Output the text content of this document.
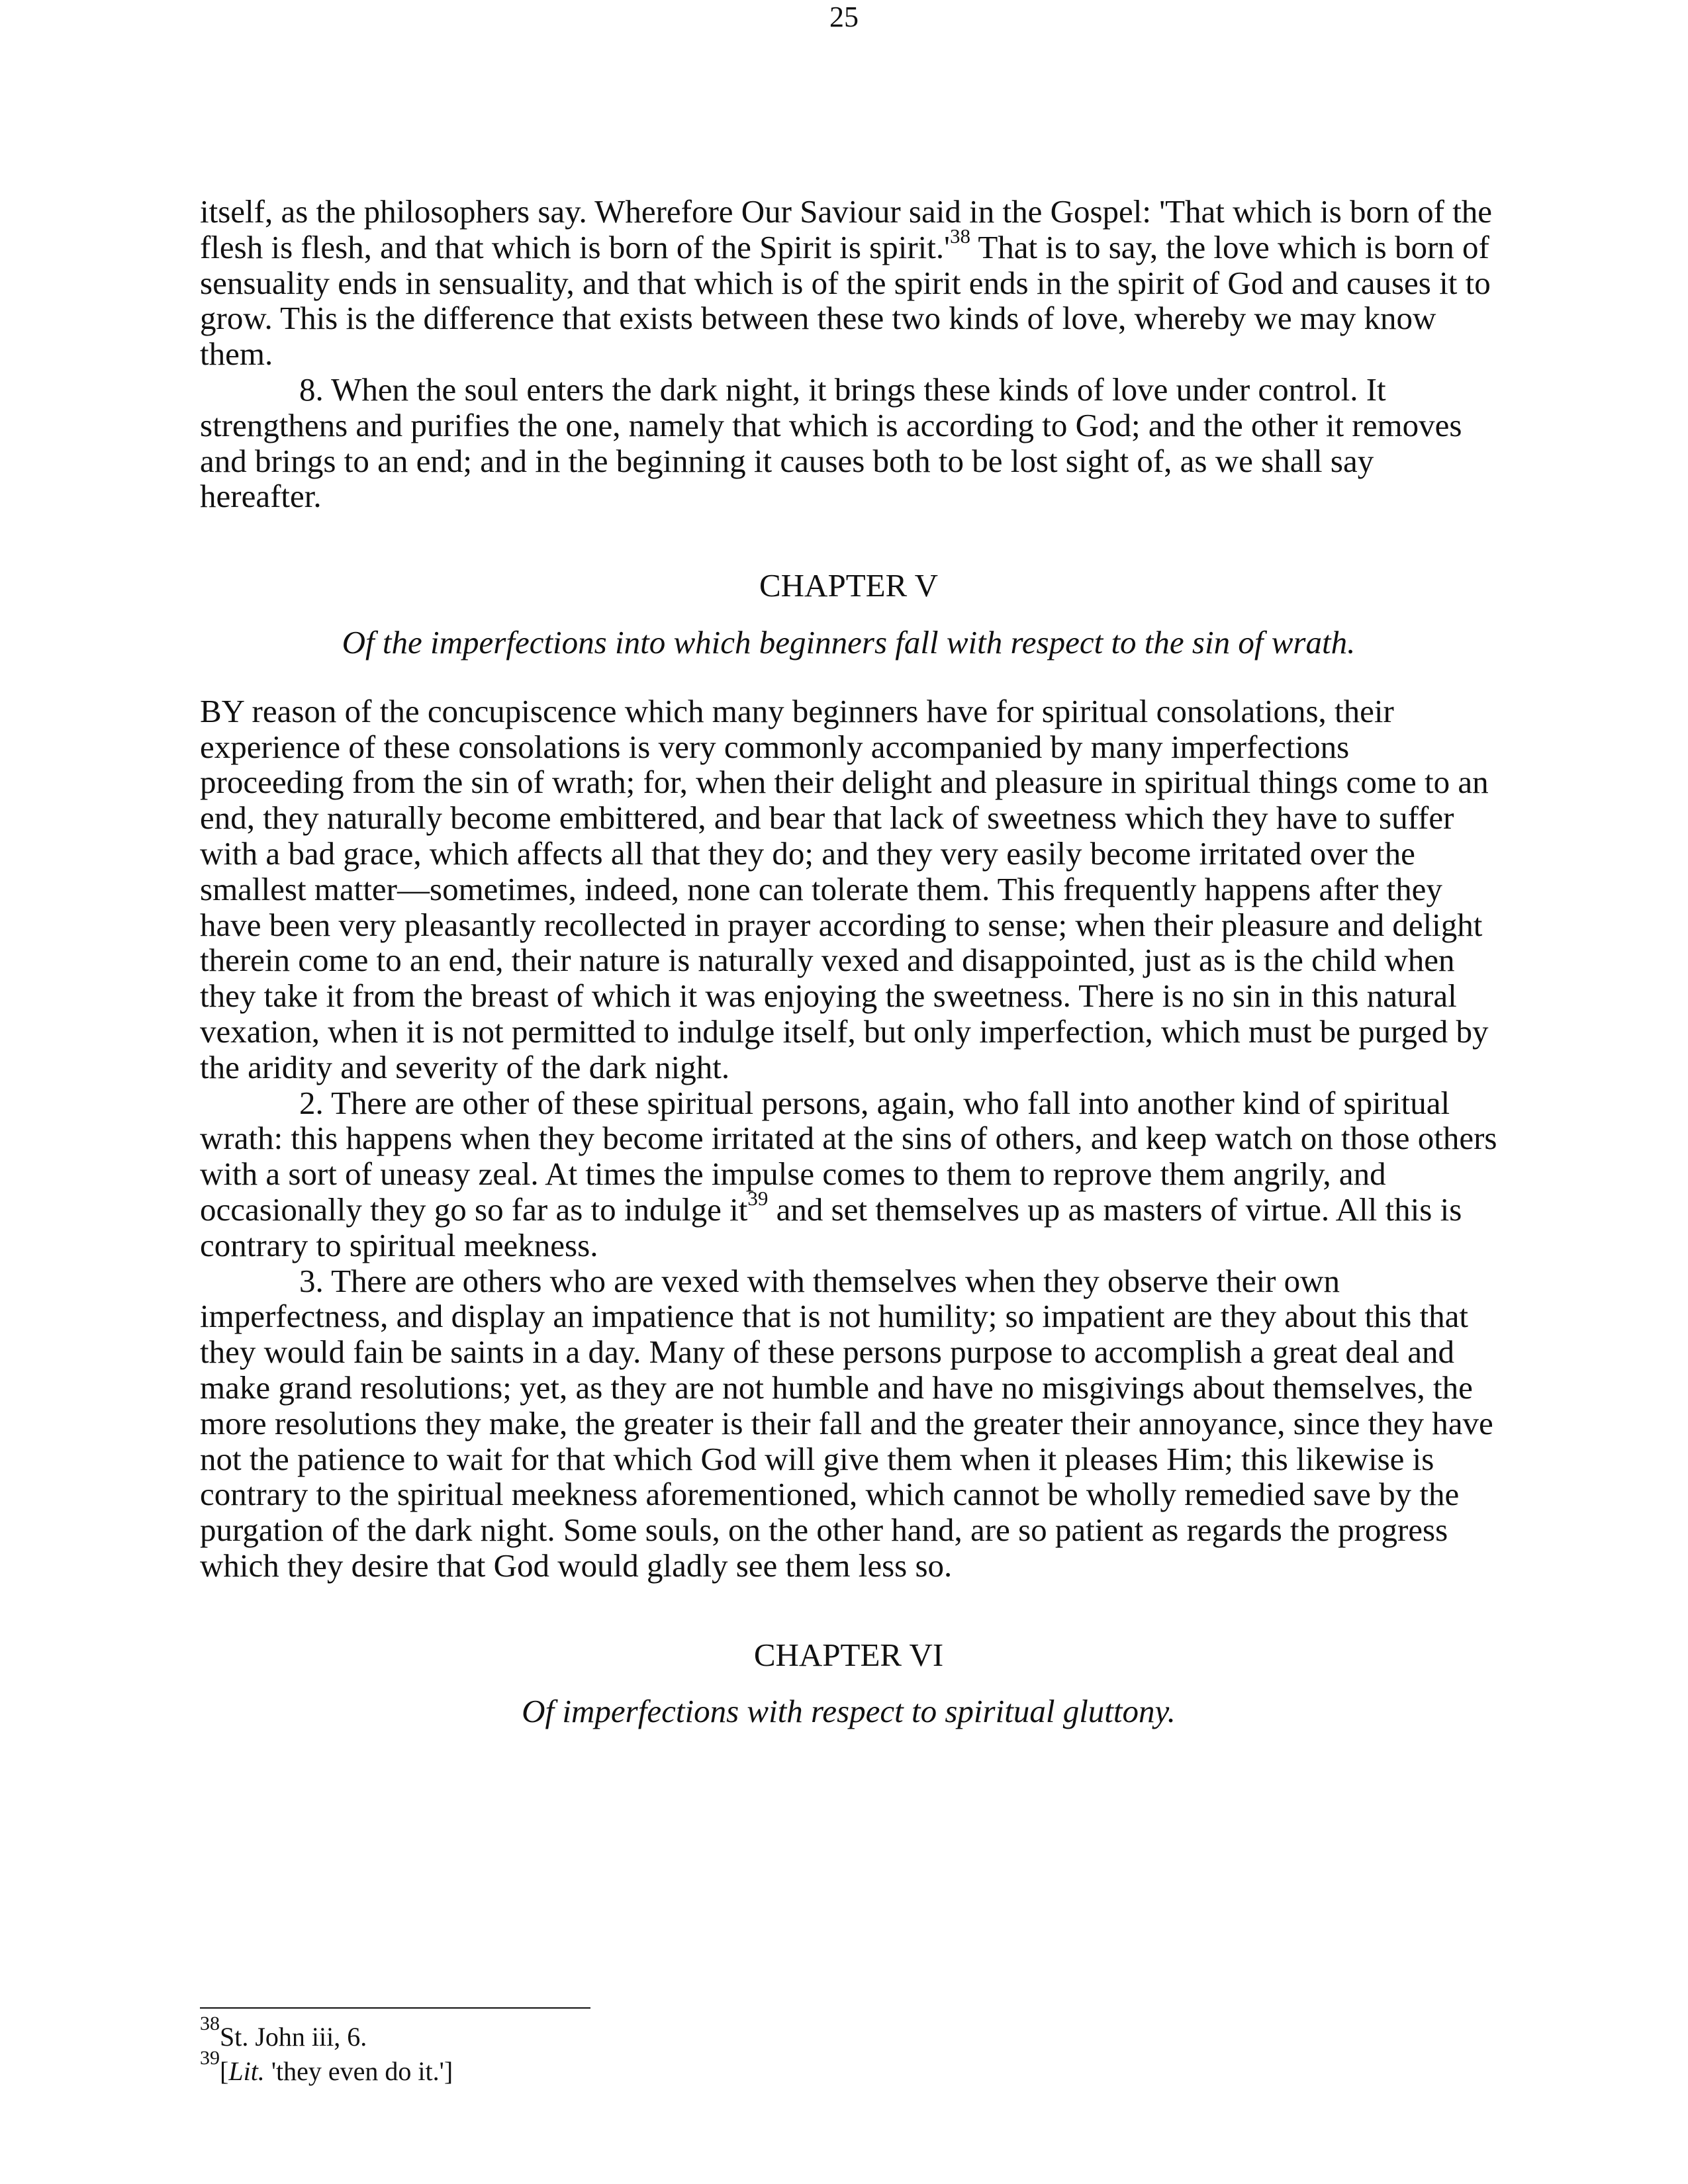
25

itself, as the philosophers say. Wherefore Our Saviour said in the Gospel: 'That which is born of the flesh is flesh, and that which is born of the Spirit is $spirit.'^{38}$ That is to say, the love which is born of sensuality ends in sensuality, and that which is of the spirit ends in the spirit of God and causes it to grow. This is the difference that exists between these two kinds of love, whereby we may know them.

8. When the soul enters the dark night, it brings these kinds of love under control. It strengthens and purifies the one, namely that which is according to God; and the other it removes and brings to an end; and in the beginning it causes both to be lost sight of, as we shall say hereafter.

CHAPTER V

Of the imperfections into which beginners fall with respect to the sin of wrath.

BY reason of the concupiscence which many beginners have for spiritual consolations, their experience of these consolations is very commonly accompanied by many imperfections proceeding from the sin of wrath; for, when their delight and pleasure in spiritual things come to an end, they naturally become embittered, and bear that lack of sweetness which they have to suffer with a bad grace, which affects all that they do; and they very easily become irritated over the smallest matter—sometimes, indeed, none can tolerate them. This frequently happens after they have been very pleasantly recollected in prayer according to sense; when their pleasure and delight therein come to an end, their nature is naturally vexed and disappointed, just as is the child when they take it from the breast of which it was enjoying the sweetness. There is no sin in this natural vexation, when it is not permitted to indulge itself, but only imperfection, which must be purged by the aridity and severity of the dark night.

2. There are other of these spiritual persons, again, who fall into another kind of spiritual wrath: this happens when they become irritated at the sins of others, and keep watch on those others with a sort of uneasy zeal. At times the impulse comes to them to reprove them angrily, and occasionally they go so far as to indulge $it^{39}$ and set themselves up as masters of virtue. All this is contrary to spiritual meekness.

3. There are others who are vexed with themselves when they observe their own imperfectness, and display an impatience that is not humility; so impatient are they about this that they would fain be saints in a day. Many of these persons purpose to accomplish a great deal and make grand resolutions; yet, as they are not humble and have no misgivings about themselves, the more resolutions they make, the greater is their fall and the greater their annoyance, since they have not the patience to wait for that which God will give them when it pleases Him; this likewise is contrary to the spiritual meekness aforementioned, which cannot be wholly remedied save by the purgation of the dark night. Some souls, on the other hand, are so patient as regards the progress which they desire that God would gladly see them less so.

CHAPTER VI

Of imperfections with respect to spiritual gluttony.

$^{38}$St. John iii, 6.

$^{39}$[Lit. 'they even do it.']
